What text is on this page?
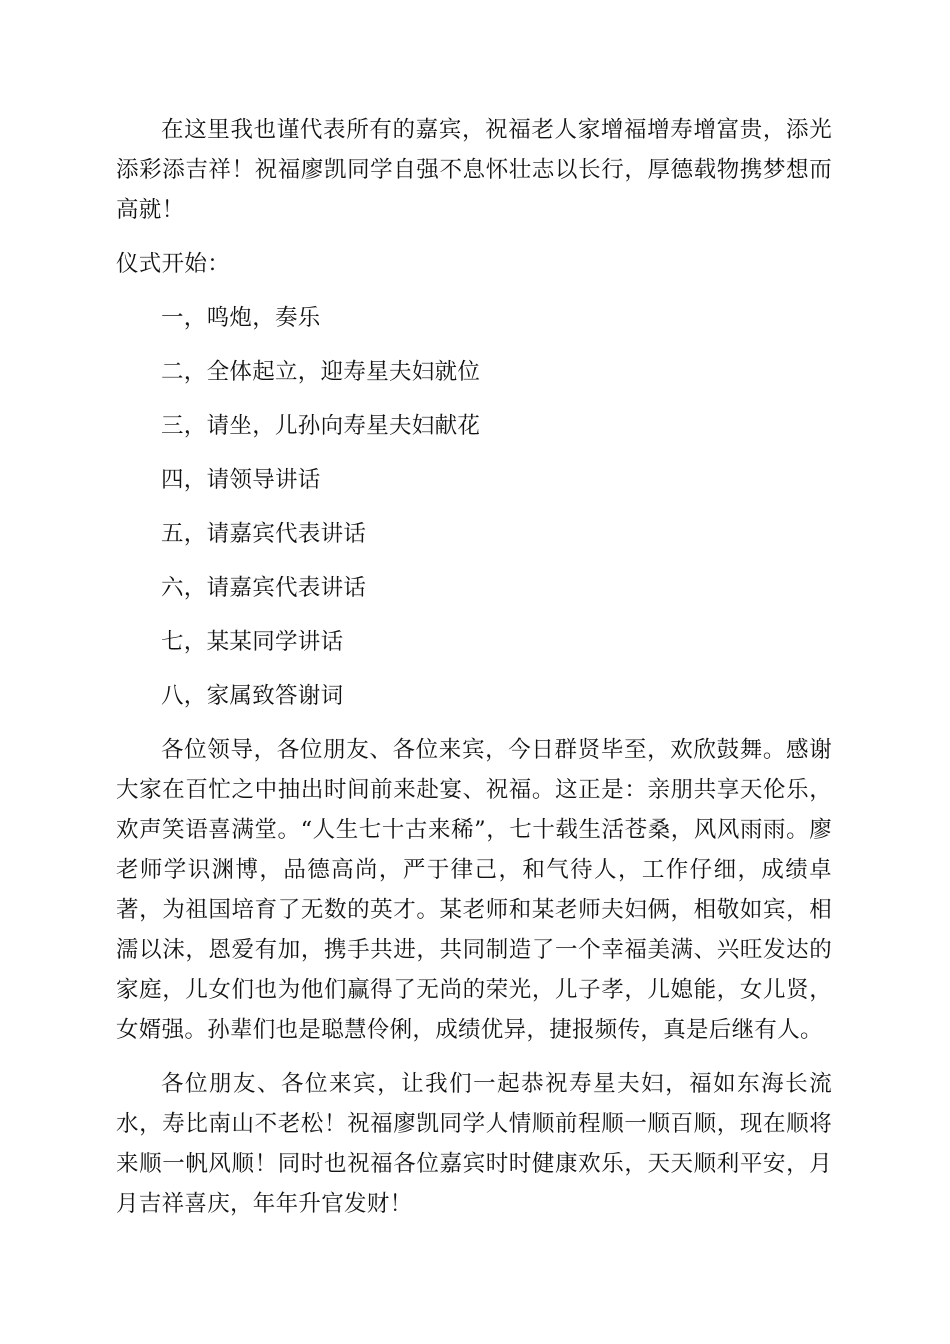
在这里我也谨代表所有的嘉宾，祝福老人家增福增寿增富贵，添光添彩添吉祥！祝福廖凯同学自强不息怀壮志以长行，厚德载物携梦想而高就！

仪式开始：

一，鸣炮，奏乐

二，全体起立，迎寿星夫妇就位

三，请坐，儿孙向寿星夫妇献花

四，请领导讲话

五，请嘉宾代表讲话

六，请嘉宾代表讲话

七，某某同学讲话

八，家属致答谢词

各位领导，各位朋友、各位来宾，今日群贤毕至，欢欣鼓舞。感谢大家在百忙之中抽出时间前来赴宴、祝福。这正是：亲朋共享天伦乐，欢声笑语喜满堂。“人生七十古来稀”，七十载生活苍桑，风风雨雨。廖老师学识渊博，品德高尚，严于律己，和气待人，工作仔细，成绩卓著，为祖国培育了无数的英才。某老师和某老师夫妇俩，相敬如宾，相濡以沫，恩爱有加，携手共进，共同制造了一个幸福美满、兴旺发达的家庭，儿女们也为他们赢得了无尚的荣光，儿子孝，儿媳能，女儿贤，女婿强。孙辈们也是聪慧伶俐，成绩优异，捷报频传，真是后继有人。

各位朋友、各位来宾，让我们一起恭祝寿星夫妇，福如东海长流水，寿比南山不老松！祝福廖凯同学人情顺前程顺一顺百顺，现在顺将来顺一帆风顺！同时也祝福各位嘉宾时时健康欢乐，天天顺利平安，月月吉祥喜庆，年年升官发财！
